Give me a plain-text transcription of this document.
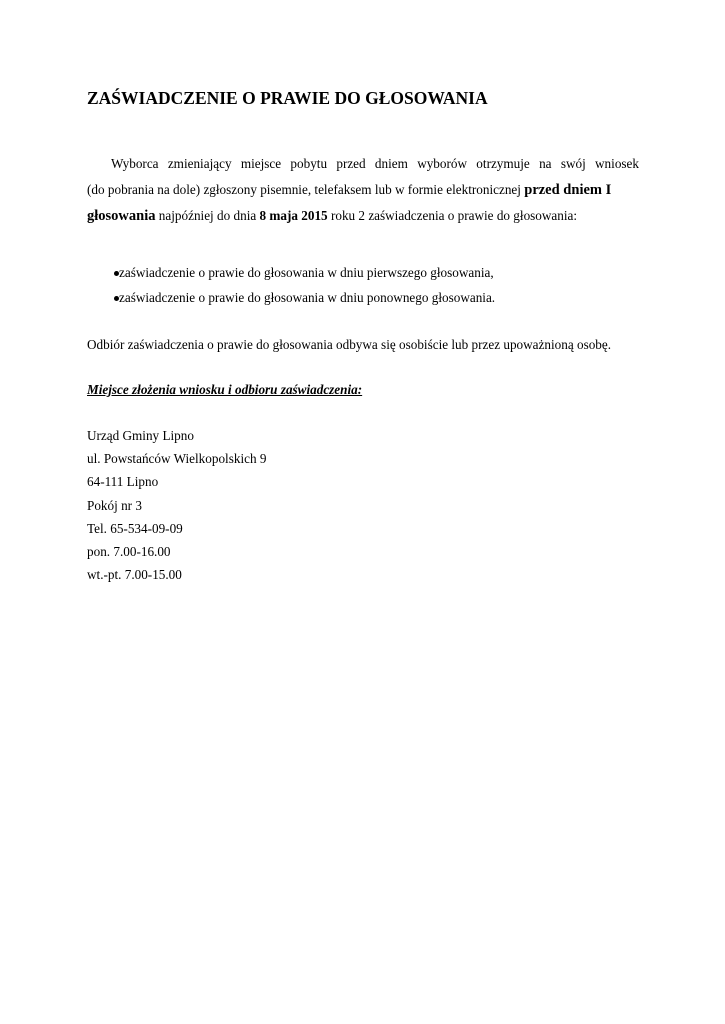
ZAŚWIADCZENIE O PRAWIE DO GŁOSOWANIA
Wyborca zmieniający miejsce pobytu przed dniem wyborów otrzymuje na swój wniosek
(do pobrania na dole) zgłoszony pisemnie, telefaksem lub w formie elektronicznej przed dniem I
głosowania najpóźniej do dnia 8 maja 2015 roku 2 zaświadczenia o prawie do głosowania:
zaświadczenie o prawie do głosowania w dniu pierwszego głosowania,
zaświadczenie o prawie do głosowania w dniu ponownego głosowania.

Odbiór zaświadczenia o prawie do głosowania odbywa się osobiście lub przez upoważnioną osobę.

Miejsce złożenia wniosku i odbioru zaświadczenia:

Urząd Gminy Lipno
ul. Powstańców Wielkopolskich 9
64-111 Lipno
Pokój nr 3
Tel. 65-534-09-09
pon. 7.00-16.00
wt.-pt. 7.00-15.00
